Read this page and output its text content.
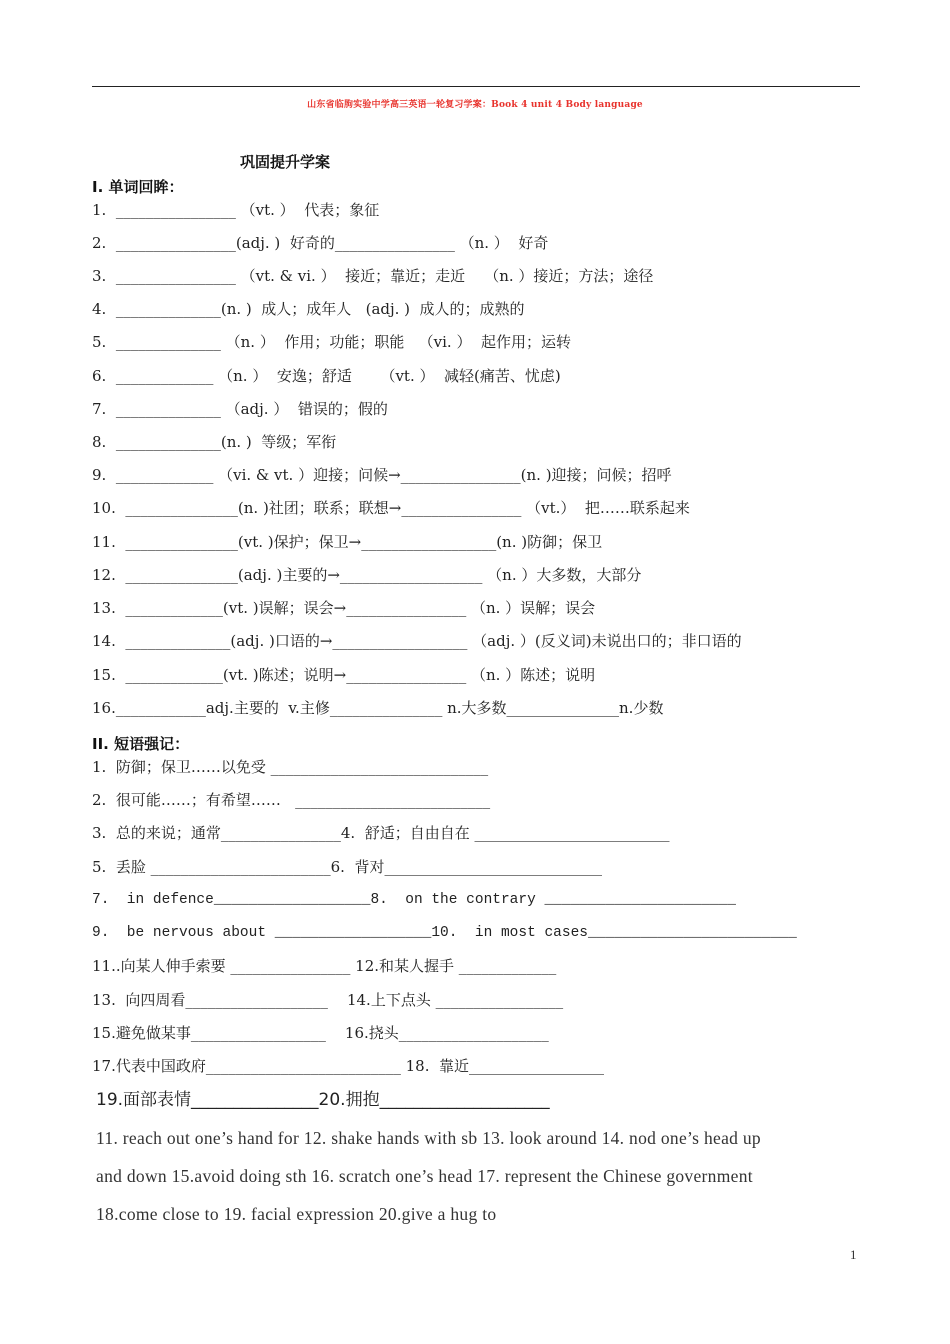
山东省临朐实验中学高三英语一轮复习学案：Book 4 unit 4 Body language
巩固提升学案
I. 单词回眸：
1.  ________________ （vt. ）  代表；象征
2.  ________________(adj. )  好奇的________________ （n. ）  好奇
3.  ________________ （vt. & vi. ）  接近；靠近；走近    （n. ）接近；方法；途径
4.  ______________(n. )  成人；成年人   (adj. )  成人的；成熟的
5.  ______________ （n. ）  作用；功能；职能   （vi. ）  起作用；运转
6.  _____________ （n. ）  安逸；舒适      （vt. ）  减轻(痛苦、忧虑)
7.  ______________ （adj. ）  错误的；假的
8.  ______________(n. )  等级；军衔
9.  _____________ （vi. & vt. ）迎接；问候→________________(n. )迎接；问候；招呼
10.  _______________(n. )社团；联系；联想→________________ （vt.）  把……联系起来
11.  _______________(vt. )保护；保卫→__________________(n. )防御；保卫
12.  _______________(adj. )主要的→___________________ （n. ）大多数，大部分
13.  _____________(vt. )误解；误会→________________ （n. ）误解；误会
14.  ______________(adj. )口语的→__________________ （adj. ）(反义词)未说出口的；非口语的
15.  _____________(vt. )陈述；说明→________________ （n. ）陈述；说明
16.____________adj.主要的  v.主修_______________ n.大多数_______________n.少数
II. 短语强记：
1.  防御；保卫……以免受 _____________________________
2.  很可能……；有希望……   __________________________
3.  总的来说；通常________________4.  舒适；自由自在 __________________________
5.  丢脸 ________________________6.  背对_____________________________
7.  in defence__________________8.  on the contrary ______________________
9.  be nervous about __________________10.  in most cases________________________
11..向某人伸手索要 ________________ 12.和某人握手 _____________
13.  向四周看___________________    14.上下点头 _________________
15.避免做某事__________________    16.挠头____________________
17.代表中国政府__________________________ 18.  靠近__________________
19.面部表情_______________20.拥抱____________________
11. reach out one’s hand for 12. shake hands with sb 13. look around 14. nod one’s head up
and down 15.avoid doing sth 16. scratch one’s head 17. represent the Chinese government
18.come close to 19. facial expression 20.give a hug to
1
